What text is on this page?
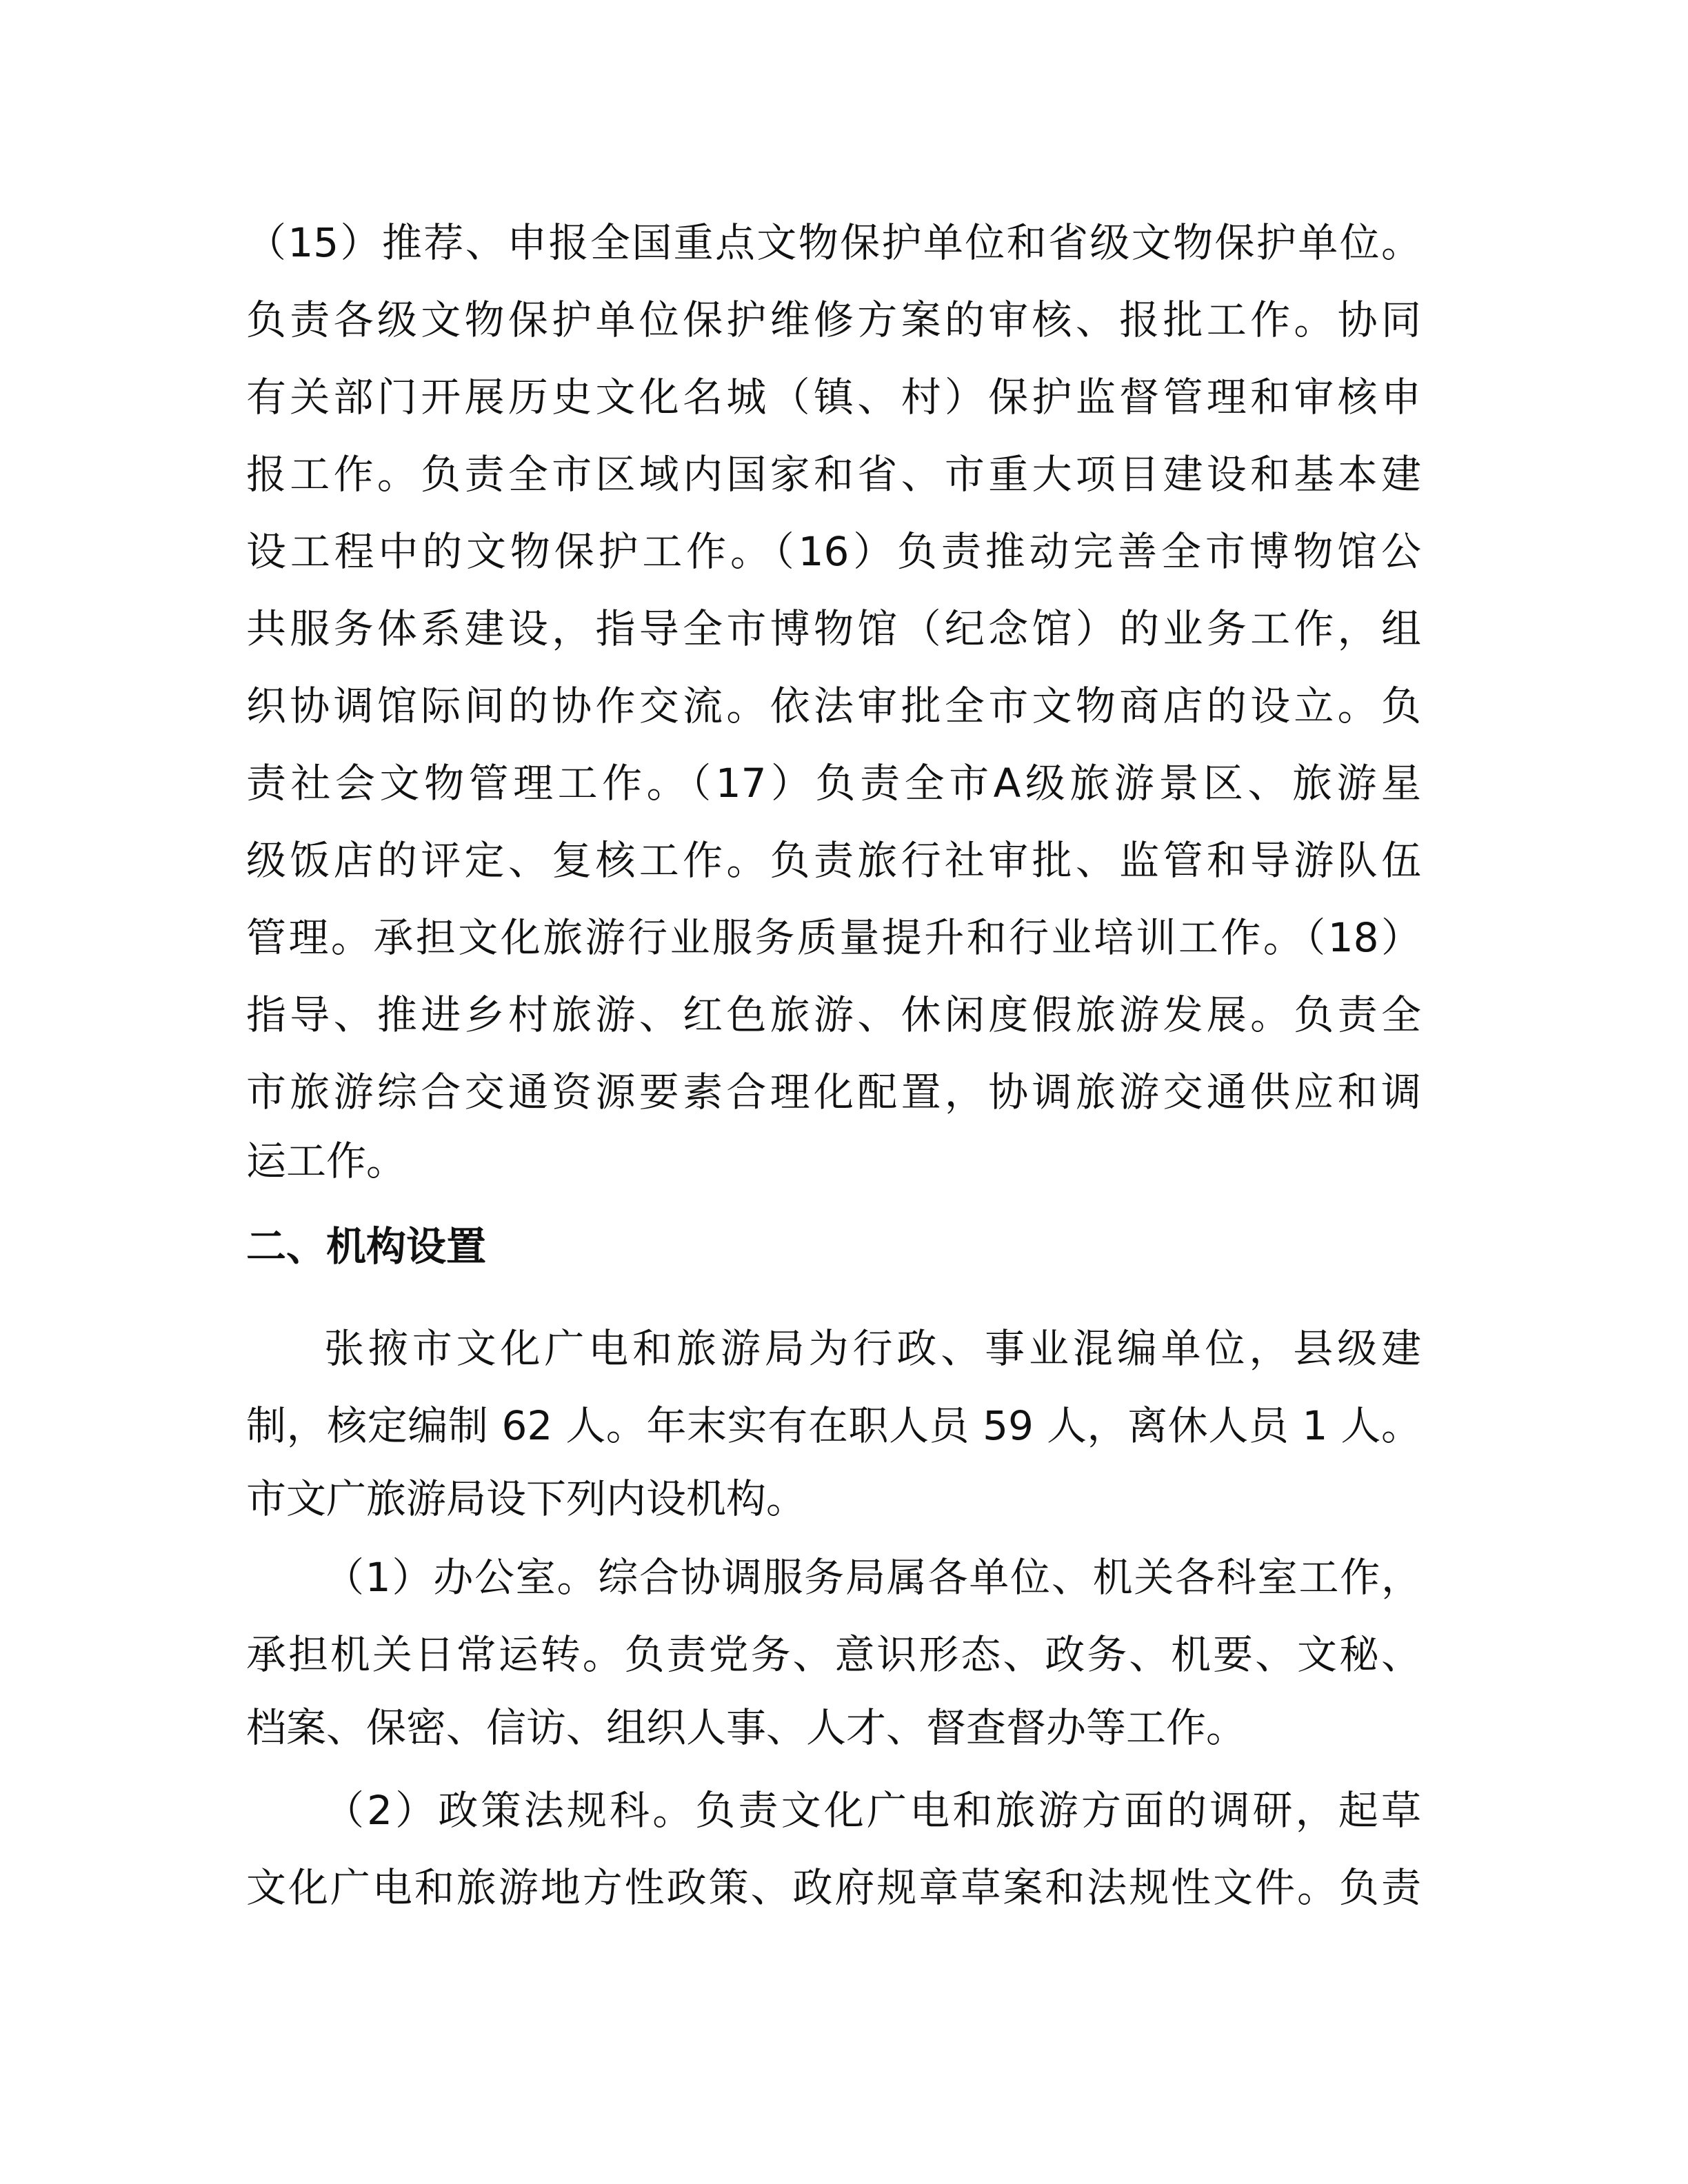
（15）推荐、申报全国重点文物保护单位和省级文物保护单位。
负责各级文物保护单位保护维修方案的审核、报批工作。协同
有关部门开展历史文化名城（镇、村）保护监督管理和审核申
报工作。负责全市区域内国家和省、市重大项目建设和基本建
设工程中的文物保护工作。（16）负责推动完善全市博物馆公
共服务体系建设，指导全市博物馆（纪念馆）的业务工作，组
织协调馆际间的协作交流。依法审批全市文物商店的设立。负
责社会文物管理工作。（17）负责全市A级旅游景区、旅游星
级饭店的评定、复核工作。负责旅行社审批、监管和导游队伍
管理。承担文化旅游行业服务质量提升和行业培训工作。（18）
指导、推进乡村旅游、红色旅游、休闲度假旅游发展。负责全
市旅游综合交通资源要素合理化配置，协调旅游交通供应和调
运工作。
二、机构设置
张掖市文化广电和旅游局为行政、事业混编单位，县级建
制，核定编制 62 人。年末实有在职人员 59 人，离休人员 1 人。
市文广旅游局设下列内设机构。
（1）办公室。综合协调服务局属各单位、机关各科室工作，
承担机关日常运转。负责党务、意识形态、政务、机要、文秘、
档案、保密、信访、组织人事、人才、督查督办等工作。
（2）政策法规科。负责文化广电和旅游方面的调研，起草
文化广电和旅游地方性政策、政府规章草案和法规性文件。负责
